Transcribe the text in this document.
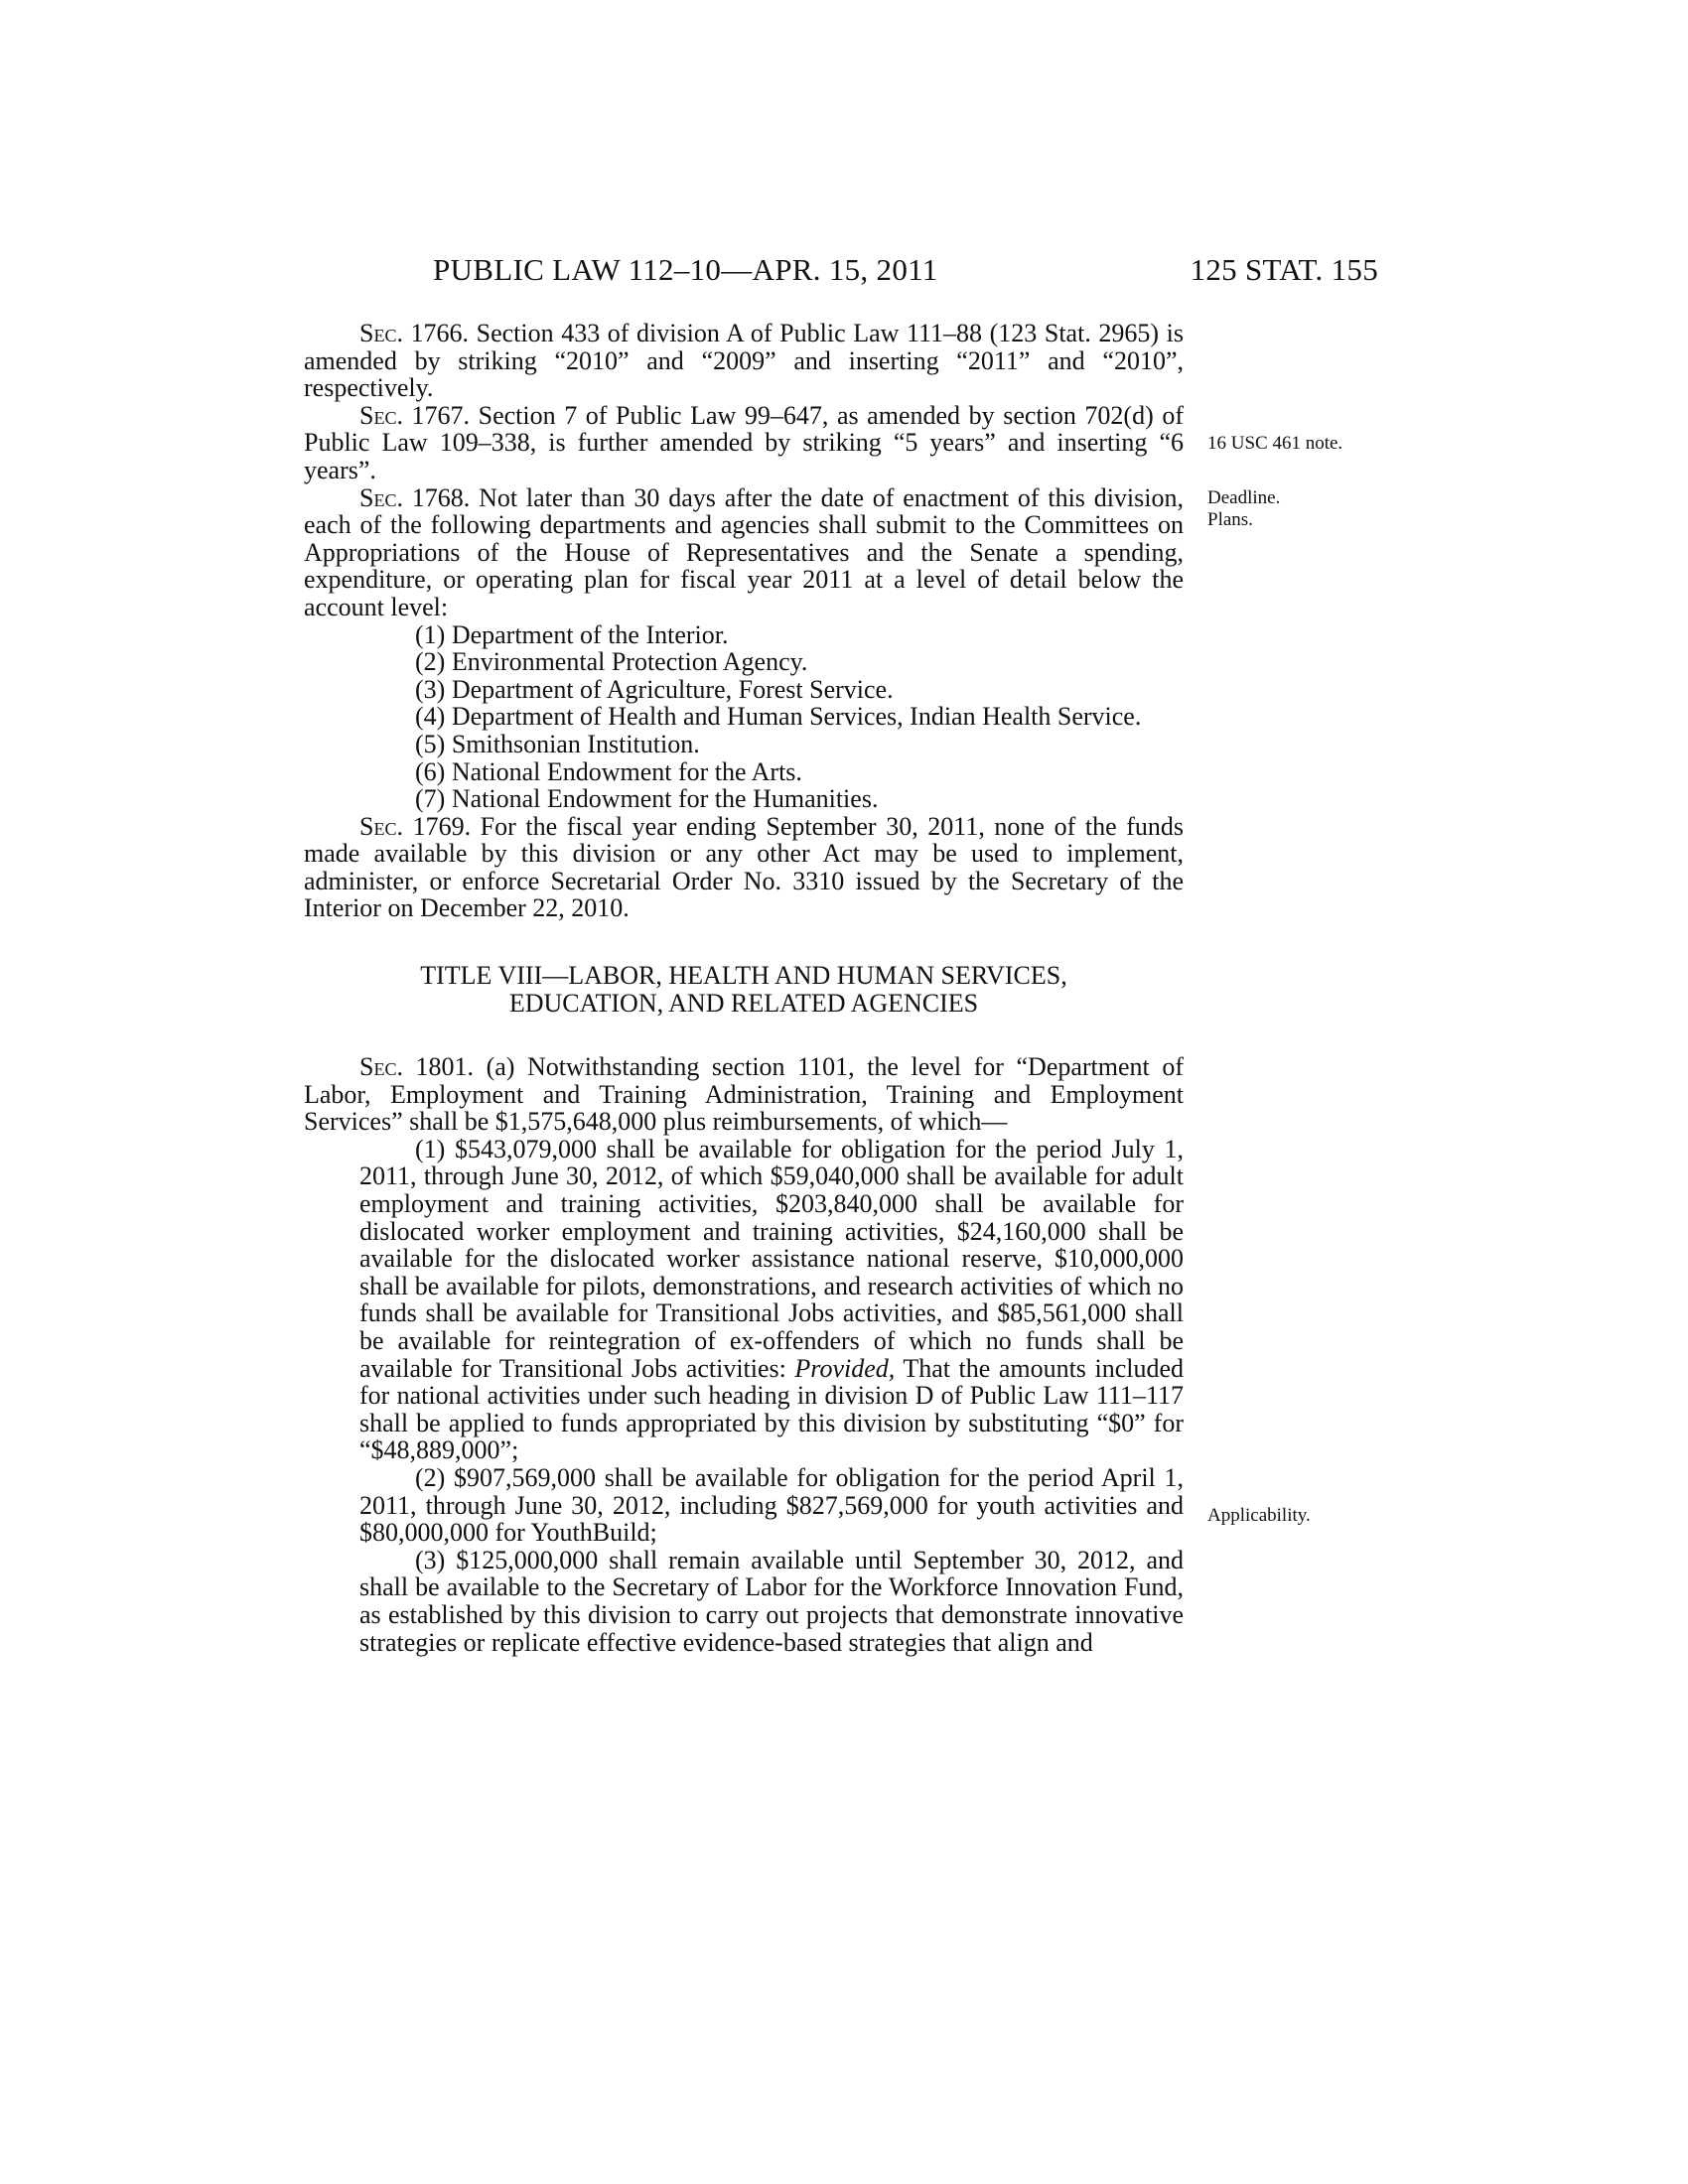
PUBLIC LAW 112–10—APR. 15, 2011	125 STAT. 155
16 USC 461 note.
Deadline.
Plans.
Applicability.

Sec. 1766. Section 433 of division A of Public Law 111–88 (123 Stat. 2965) is amended by striking “2010” and “2009” and inserting “2011” and “2010”, respectively.

Sec. 1767. Section 7 of Public Law 99–647, as amended by section 702(d) of Public Law 109–338, is further amended by striking “5 years” and inserting “6 years”.

Sec. 1768. Not later than 30 days after the date of enactment of this division, each of the following departments and agencies shall submit to the Committees on Appropriations of the House of Representatives and the Senate a spending, expenditure, or operating plan for fiscal year 2011 at a level of detail below the account level:

(1) Department of the Interior.

(2) Environmental Protection Agency.

(3) Department of Agriculture, Forest Service.

(4) Department of Health and Human Services, Indian Health Service.

(5) Smithsonian Institution.

(6) National Endowment for the Arts.

(7) National Endowment for the Humanities.

Sec. 1769. For the fiscal year ending September 30, 2011, none of the funds made available by this division or any other Act may be used to implement, administer, or enforce Secretarial Order No. 3310 issued by the Secretary of the Interior on December 22, 2010.

TITLE VIII—LABOR, HEALTH AND HUMAN SERVICES,
EDUCATION, AND RELATED AGENCIES

Sec. 1801. (a) Notwithstanding section 1101, the level for “Department of Labor, Employment and Training Administration, Training and Employment Services” shall be $1,575,648,000 plus reimbursements, of which—

(1) $543,079,000 shall be available for obligation for the period July 1, 2011, through June 30, 2012, of which $59,040,000 shall be available for adult employment and training activities, $203,840,000 shall be available for dislocated worker employment and training activities, $24,160,000 shall be available for the dislocated worker assistance national reserve, $10,000,000 shall be available for pilots, demonstrations, and research activities of which no funds shall be available for Transitional Jobs activities, and $85,561,000 shall be available for reintegration of ex-offenders of which no funds shall be available for Transitional Jobs activities: Provided, That the amounts included for national activities under such heading in division D of Public Law 111–117 shall be applied to funds appropriated by this division by substituting “$0” for “$48,889,000”;

(2) $907,569,000 shall be available for obligation for the period April 1, 2011, through June 30, 2012, including $827,569,000 for youth activities and $80,000,000 for YouthBuild;

(3) $125,000,000 shall remain available until September 30, 2012, and shall be available to the Secretary of Labor for the Workforce Innovation Fund, as established by this division to carry out projects that demonstrate innovative strategies or replicate effective evidence-based strategies that align and
